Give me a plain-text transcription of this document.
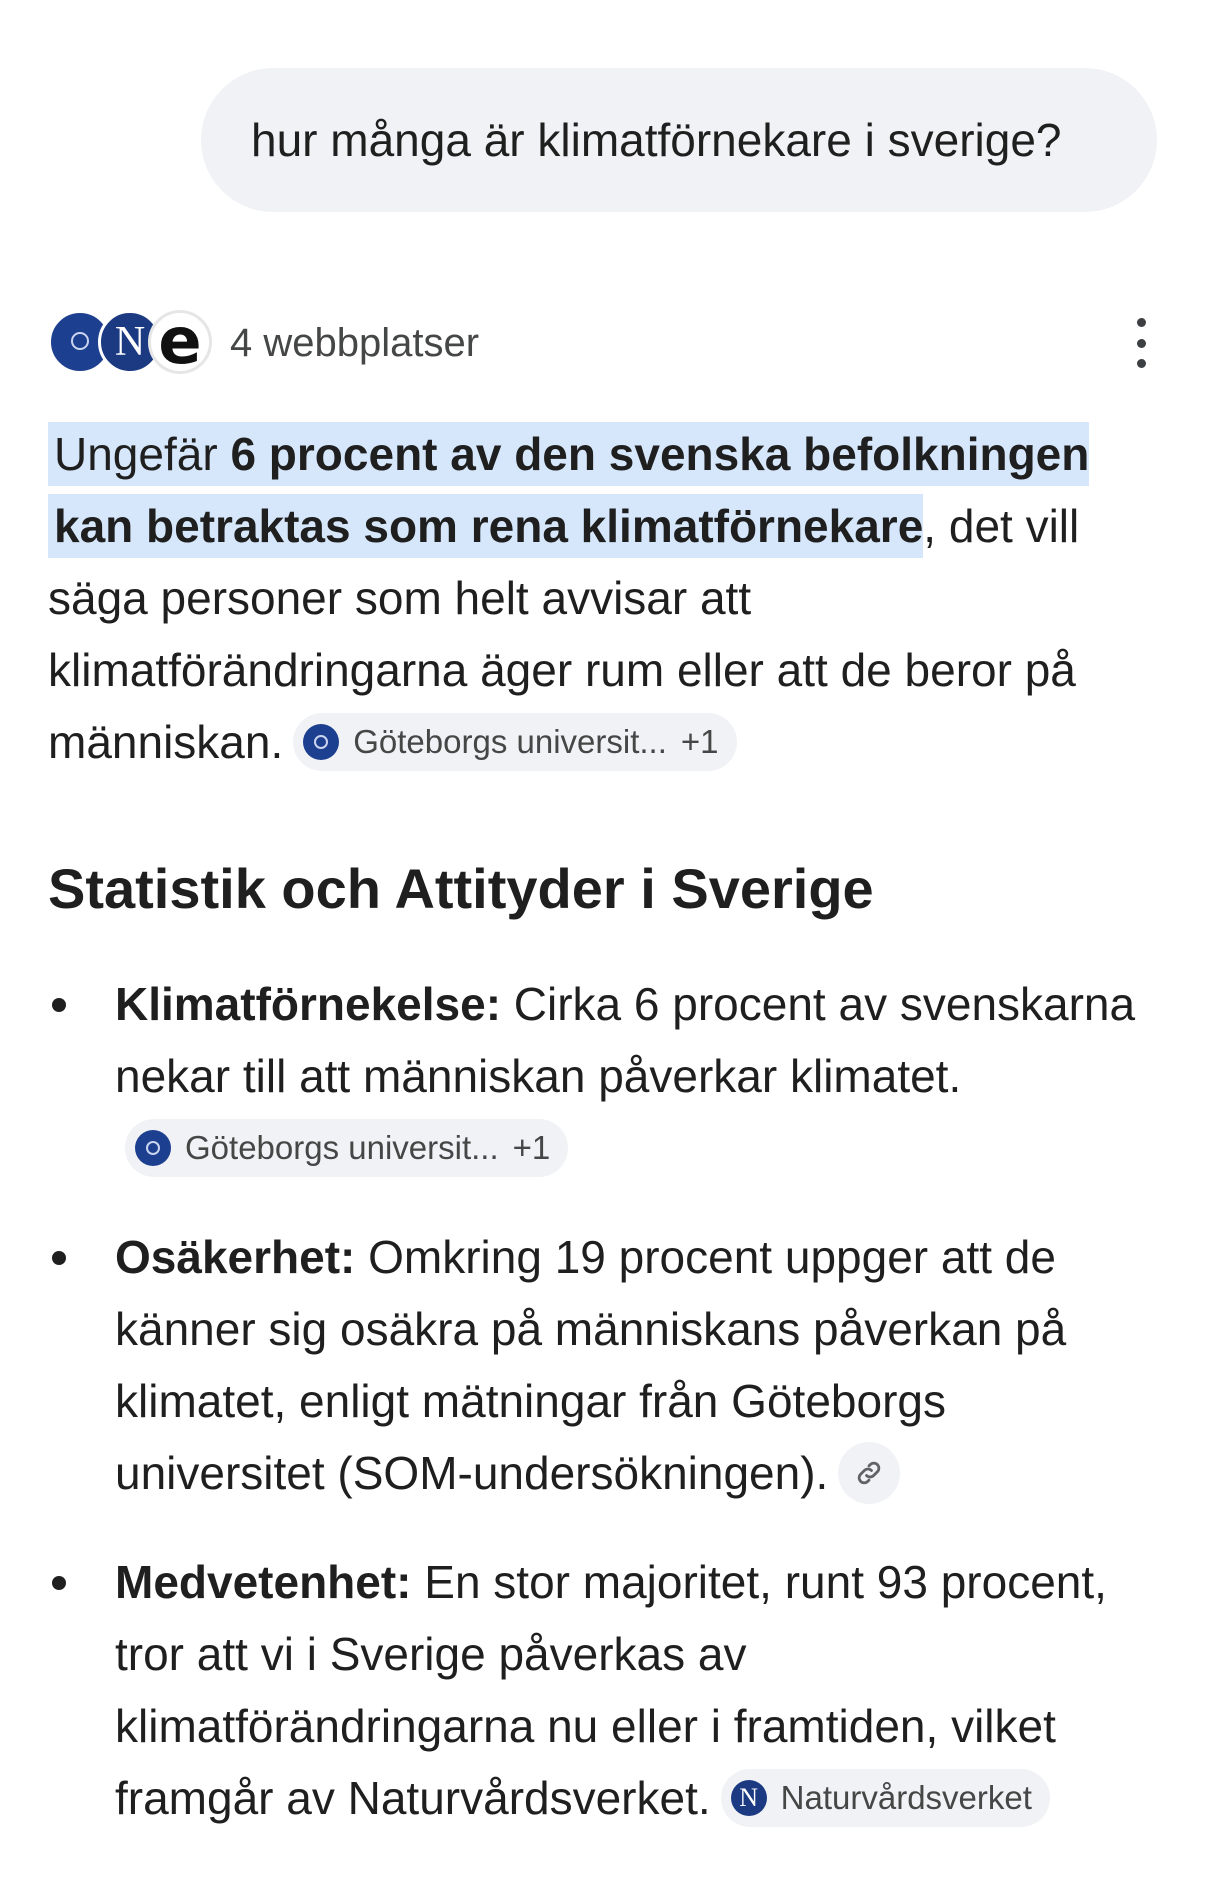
hur många är klimatförnekare i sverige?
N e 4 webbplatser
Ungefär 6 procent av den svenska befolkningen kan betraktas som rena klimatförnekare, det vill säga personer som helt avvisar att klimatförändringarna äger rum eller att de beror på människan. Göteborgs universit... +1
Statistik och Attityder i Sverige
Klimatförnekelse: Cirka 6 procent av svenskarna nekar till att människan påverkar klimatet.
Göteborgs universit... +1
Osäkerhet: Omkring 19 procent uppger att de känner sig osäkra på människans påverkan på klimatet, enligt mätningar från Göteborgs universitet (SOM-undersökningen).
Medvetenhet: En stor majoritet, runt 93 procent, tror att vi i Sverige påverkas av klimatförändringarna nu eller i framtiden, vilket framgår av Naturvårdsverket. N Naturvårdsverket
